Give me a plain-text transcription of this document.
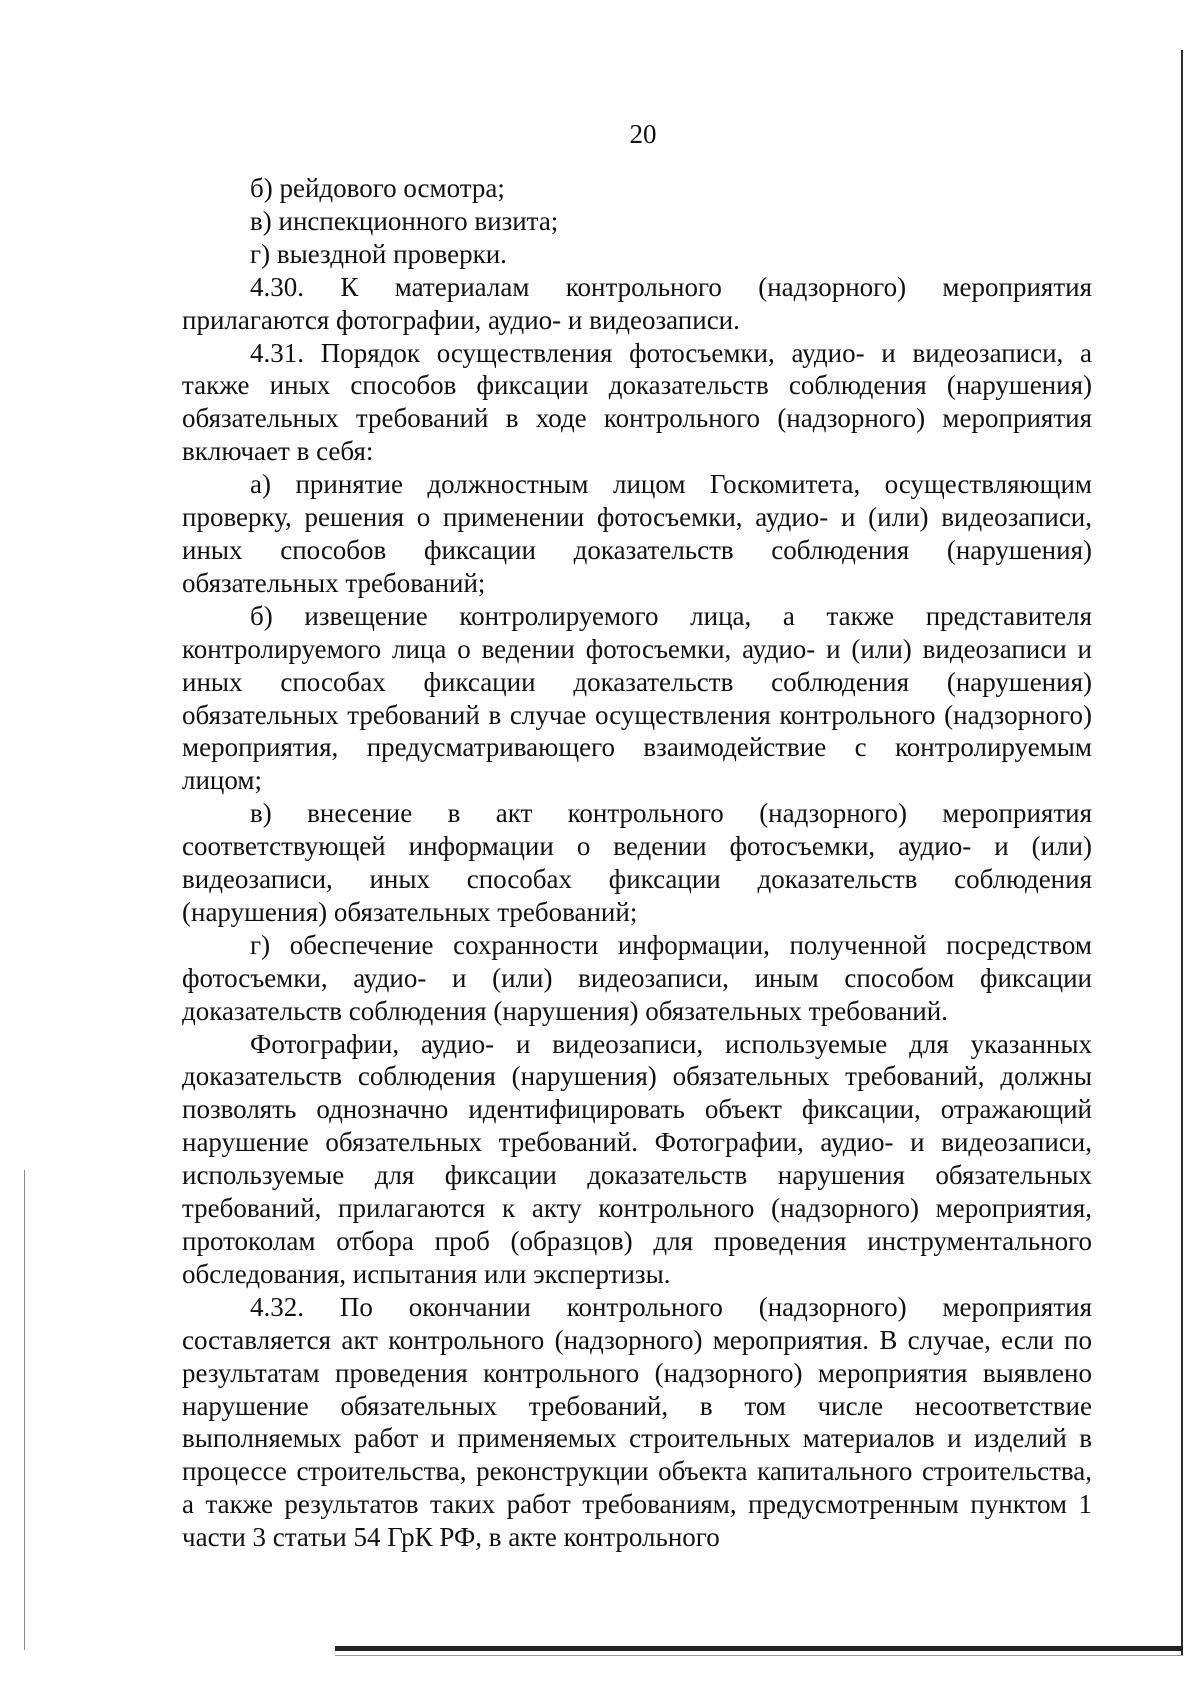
20

б) рейдового осмотра;

в) инспекционного визита;

г) выездной проверки.

4.30. К материалам контрольного (надзорного) мероприятия прилагаются фотографии, аудио- и видеозаписи.

4.31. Порядок осуществления фотосъемки, аудио- и видеозаписи, а также иных способов фиксации доказательств соблюдения (нарушения) обязательных требований в ходе контрольного (надзорного) мероприятия включает в себя:

а) принятие должностным лицом Госкомитета, осуществляющим проверку, решения о применении фотосъемки, аудио- и (или) видеозаписи, иных способов фиксации доказательств соблюдения (нарушения) обязательных требований;

б) извещение контролируемого лица, а также представителя контролируемого лица о ведении фотосъемки, аудио- и (или) видеозаписи и иных способах фиксации доказательств соблюдения (нарушения) обязательных требований в случае осуществления контрольного (надзорного) мероприятия, предусматривающего взаимодействие с контролируемым лицом;

в) внесение в акт контрольного (надзорного) мероприятия соответствующей информации о ведении фотосъемки, аудио- и (или) видеозаписи, иных способах фиксации доказательств соблюдения (нарушения) обязательных требований;

г) обеспечение сохранности информации, полученной посредством фотосъемки, аудио- и (или) видеозаписи, иным способом фиксации доказательств соблюдения (нарушения) обязательных требований.

Фотографии, аудио- и видеозаписи, используемые для указанных доказательств соблюдения (нарушения) обязательных требований, должны позволять однозначно идентифицировать объект фиксации, отражающий нарушение обязательных требований. Фотографии, аудио- и видеозаписи, используемые для фиксации доказательств нарушения обязательных требований, прилагаются к акту контрольного (надзорного) мероприятия, протоколам отбора проб (образцов) для проведения инструментального обследования, испытания или экспертизы.

4.32. По окончании контрольного (надзорного) мероприятия составляется акт контрольного (надзорного) мероприятия. В случае, если по результатам проведения контрольного (надзорного) мероприятия выявлено нарушение обязательных требований, в том числе несоответствие выполняемых работ и применяемых строительных материалов и изделий в процессе строительства, реконструкции объекта капитального строительства, а также результатов таких работ требованиям, предусмотренным пунктом 1 части 3 статьи 54 ГрК РФ, в акте контрольного
